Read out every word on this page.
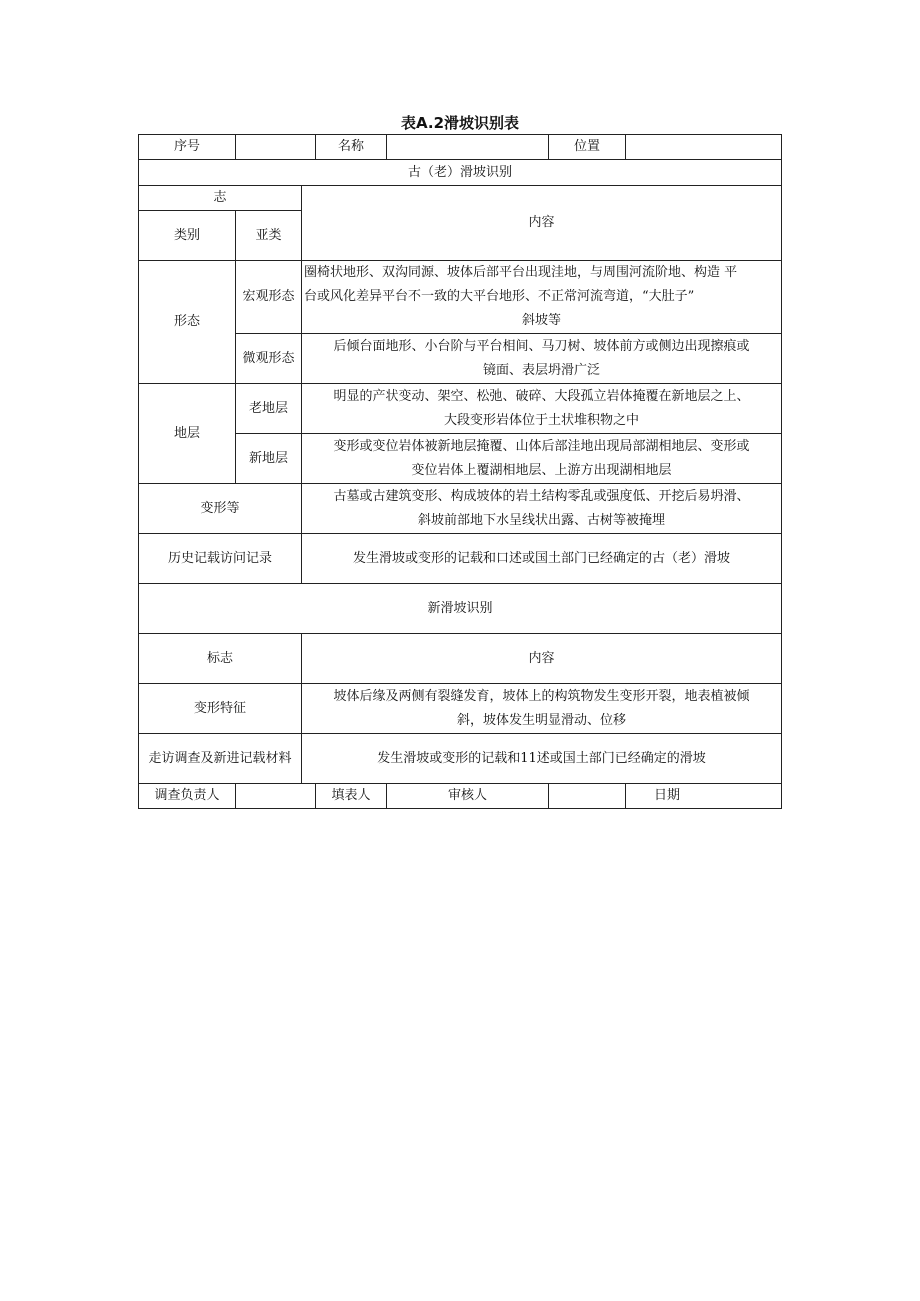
表A.2滑坡识别表
序号			名称		位置	
古（老）滑坡识别						
志		内容				
类别	亚类					
形态	宏观形态	圈椅状地形、双沟同源、坡体后部平台出现洼地，与周围河流阶地、构造 平
台或风化差异平台不一致的大平台地形、不正常河流弯道，“大肚子”
斜坡等				

	微观形态	后倾台面地形、小台阶与平台相间、马刀树、坡体前方或侧边出现擦痕或
镜面、表层坍滑广泛				

地层	老地层	明显的产状变动、架空、松弛、破碎、大段孤立岩体掩覆在新地层之上、
大段变形岩体位于土状堆积物之中				

	新地层	变形或变位岩体被新地层掩覆、山体后部洼地出现局部湖相地层、变形或
变位岩体上覆湖相地层、上游方出现湖相地层				

变形等		古墓或古建筑变形、构成坡体的岩土结构零乱或强度低、开挖后易坍滑、
斜坡前部地下水呈线状出露、古树等被掩埋				

历史记载访问记录		发生滑坡或变形的记载和口述或国土部门已经确定的古（老）滑坡				
新滑坡识别						
标志		内容				
变形特征		坡体后缘及两侧有裂缝发育，坡体上的构筑物发生变形开裂，地表植被倾
斜，坡体发生明显滑动、位移				

走访调查及新进记载材料		发生滑坡或变形的记载和11述或国土部门已经确定的滑坡				
调查负责人			填表人	审核人		日期
